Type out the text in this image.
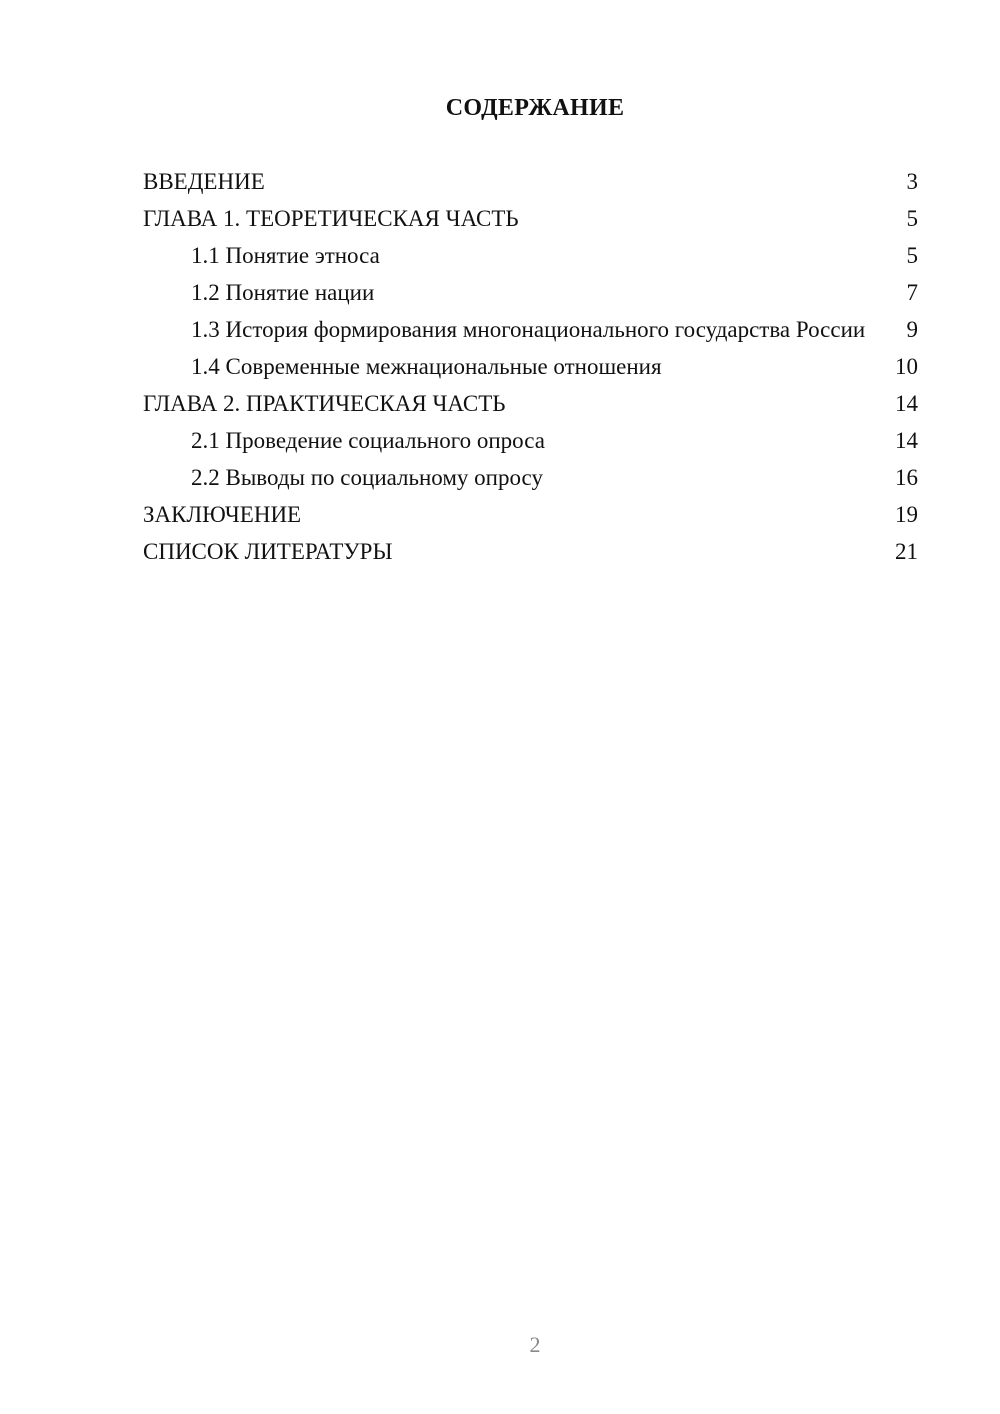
СОДЕРЖАНИЕ
ВВЕДЕНИЕ	3
ГЛАВА 1. ТЕОРЕТИЧЕСКАЯ ЧАСТЬ	5
1.1 Понятие этноса	5
1.2 Понятие нации	7
1.3 История формирования многонационального государства России	9
1.4 Современные межнациональные отношения	10
ГЛАВА 2. ПРАКТИЧЕСКАЯ ЧАСТЬ	14
2.1 Проведение социального опроса	14
2.2 Выводы по социальному опросу	16
ЗАКЛЮЧЕНИЕ	19
СПИСОК ЛИТЕРАТУРЫ	21
2
